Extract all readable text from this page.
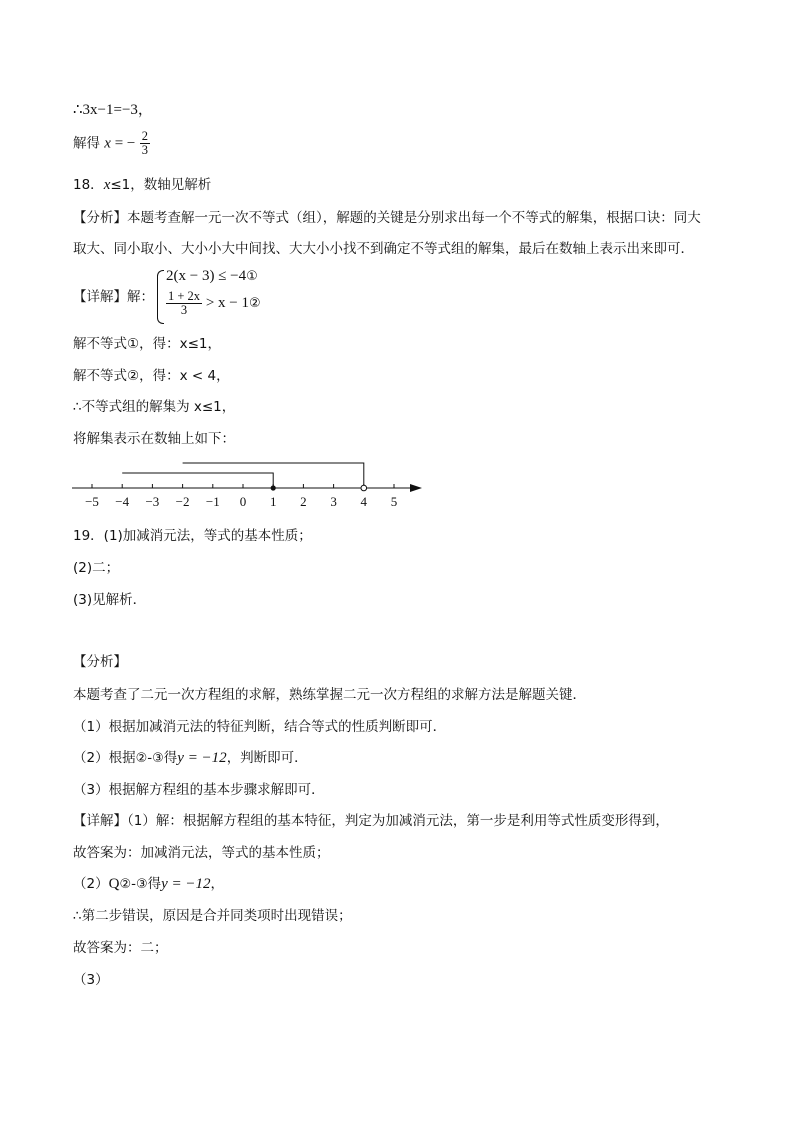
∴3x−1=−3，
解得 x = − $\frac{2}{3}$
18．x≤1，数轴见解析
【分析】本题考查解一元一次不等式（组），解题的关键是分别求出每一个不等式的解集，根据口诀：同大
取大、同小取小、大小小大中间找、大大小小找不到确定不等式组的解集，最后在数轴上表示出来即可．
【详解】解：
2(x − 3) ≤ −4①
$\frac{1 + 2x}{3} > x$ − 1②
解不等式①，得：x≤1，
解不等式②，得：x < 4，
∴不等式组的解集为 x≤1，
将解集表示在数轴上如下：
−5 −4 −3 −2 −1 0 1 2 3 4 5
19．(1)加减消元法，等式的基本性质；
(2)二；
(3)见解析．
【分析】
本题考查了二元一次方程组的求解，熟练掌握二元一次方程组的求解方法是解题关键．
（1）根据加减消元法的特征判断，结合等式的性质判断即可．
（2）根据②-③得y = −12，判断即可．
（3）根据解方程组的基本步骤求解即可．
【详解】（1）解：根据解方程组的基本特征，判定为加减消元法，第一步是利用等式性质变形得到，
故答案为：加减消元法，等式的基本性质；
（2）Q②-③得y = −12，
∴第二步错误，原因是合并同类项时出现错误；
故答案为：二；
（3）
